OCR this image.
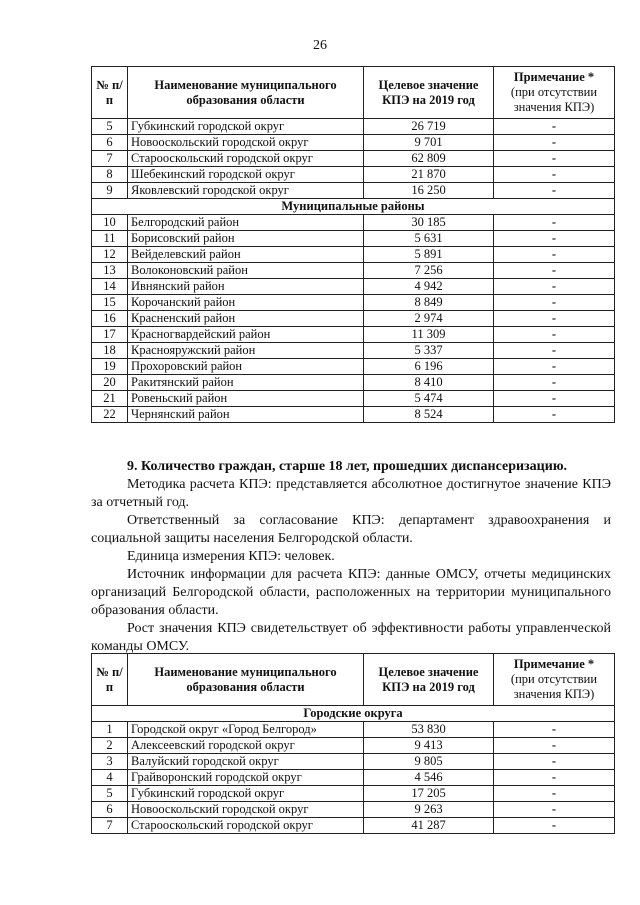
26
№ п/п	Наименование муниципального образования области	Целевое значение КПЭ на 2019 год	Примечание *
(при отсутствии значения КПЭ)
5	Губкинский городской округ	26 719	-
6	Новооскольский городской округ	9 701	-
7	Старооскольский городской округ	62 809	-
8	Шебекинский городской округ	21 870	-
9	Яковлевский городской округ	16 250	-
Муниципальные районы			
10	Белгородский район	30 185	-
11	Борисовский район	5 631	-
12	Вейделевский район	5 891	-
13	Волоконовский район	7 256	-
14	Ивнянский район	4 942	-
15	Корочанский район	8 849	-
16	Красненский район	2 974	-
17	Красногвардейский район	11 309	-
18	Краснояружский район	5 337	-
19	Прохоровский район	6 196	-
20	Ракитянский район	8 410	-
21	Ровеньский район	5 474	-
22	Чернянский район	8 524	-

9. Количество граждан, старше 18 лет, прошедших диспансеризацию.

Методика расчета КПЭ: представляется абсолютное достигнутое значение КПЭ за отчетный год.

Ответственный за согласование КПЭ: департамент здравоохранения и социальной защиты населения Белгородской области.

Единица измерения КПЭ: человек.

Источник информации для расчета КПЭ: данные ОМСУ, отчеты медицинских организаций Белгородской области, расположенных на территории муниципального образования области.

Рост значения КПЭ свидетельствует об эффективности работы управленческой команды ОМСУ.

№ п/п	Наименование муниципального образования области	Целевое значение КПЭ на 2019 год	Примечание *
(при отсутствии значения КПЭ)
Городские округа			
1	Городской округ «Город Белгород»	53 830	-
2	Алексеевский городской округ	9 413	-
3	Валуйский городской округ	9 805	-
4	Грайворонский городской округ	4 546	-
5	Губкинский городской округ	17 205	-
6	Новооскольский городской округ	9 263	-
7	Старооскольский городской округ	41 287	-
